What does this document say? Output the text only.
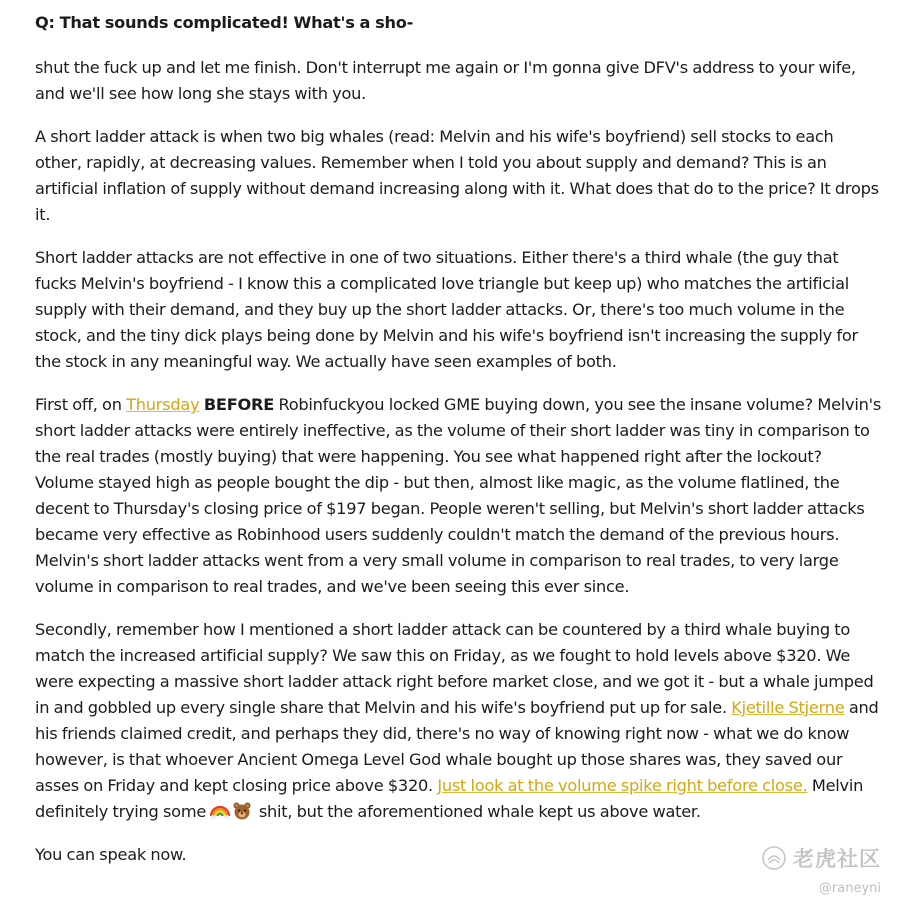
Q: That sounds complicated! What's a sho-

shut the fuck up and let me finish. Don't interrupt me again or I'm gonna give DFV's address to your wife, and we'll see how long she stays with you.

A short ladder attack is when two big whales (read: Melvin and his wife's boyfriend) sell stocks to each other, rapidly, at decreasing values. Remember when I told you about supply and demand? This is an artificial inflation of supply without demand increasing along with it. What does that do to the price? It drops it.

Short ladder attacks are not effective in one of two situations. Either there's a third whale (the guy that fucks Melvin's boyfriend - I know this a complicated love triangle but keep up) who matches the artificial supply with their demand, and they buy up the short ladder attacks. Or, there's too much volume in the stock, and the tiny dick plays being done by Melvin and his wife's boyfriend isn't increasing the supply for the stock in any meaningful way. We actually have seen examples of both.

First off, on Thursday BEFORE Robinfuckyou locked GME buying down, you see the insane volume? Melvin's short ladder attacks were entirely ineffective, as the volume of their short ladder was tiny in comparison to the real trades (mostly buying) that were happening. You see what happened right after the lockout? Volume stayed high as people bought the dip - but then, almost like magic, as the volume flatlined, the decent to Thursday's closing price of $197 began. People weren't selling, but Melvin's short ladder attacks became very effective as Robinhood users suddenly couldn't match the demand of the previous hours. Melvin's short ladder attacks went from a very small volume in comparison to real trades, to very large volume in comparison to real trades, and we've been seeing this ever since.

Secondly, remember how I mentioned a short ladder attack can be countered by a third whale buying to match the increased artificial supply? We saw this on Friday, as we fought to hold levels above $320. We were expecting a massive short ladder attack right before market close, and we got it - but a whale jumped in and gobbled up every single share that Melvin and his wife's boyfriend put up for sale. Kjetille Stjerne and his friends claimed credit, and perhaps they did, there's no way of knowing right now - what we do know however, is that whoever Ancient Omega Level God whale bought up those shares was, they saved our asses on Friday and kept closing price above $320. Just look at the volume spike right before close. Melvin definitely trying some	shit, but the aforementioned whale kept us above water.

You can speak now.	老虎社区
@raneyni
